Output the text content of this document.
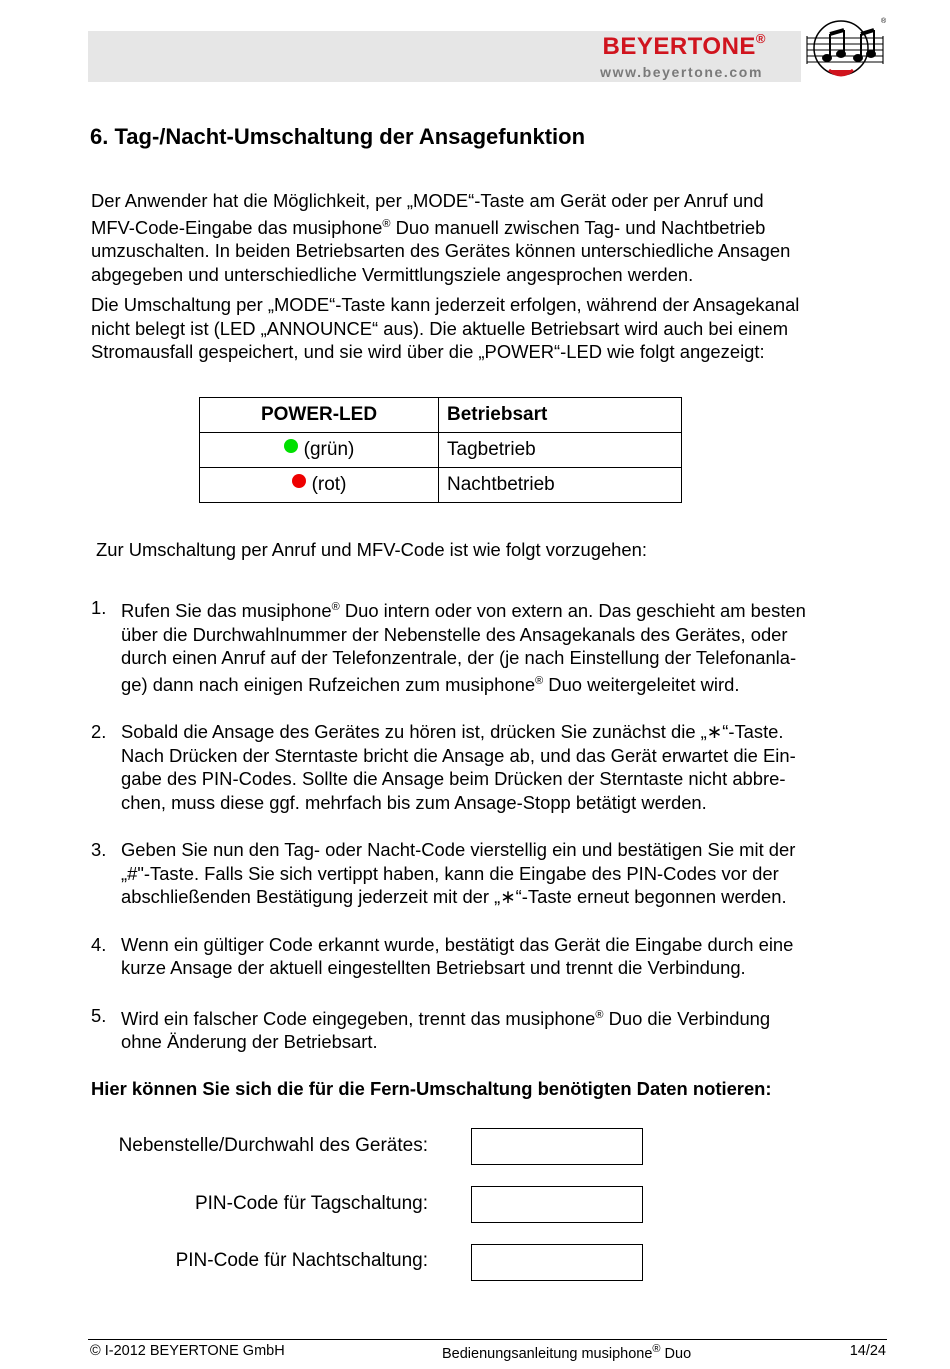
BEYERTONE®
www.beyertone.com
®
6. Tag-/Nacht-Umschaltung der Ansagefunktion
Der Anwender hat die Möglichkeit, per „MODE“-Taste am Gerät oder per Anruf und
MFV-Code-Eingabe das musiphone® Duo manuell zwischen Tag- und Nachtbetrieb
umzuschalten. In beiden Betriebsarten des Gerätes können unterschiedliche Ansagen
abgegeben und unterschiedliche Vermittlungsziele angesprochen werden.
Die Umschaltung per „MODE“-Taste kann jederzeit erfolgen, während der Ansagekanal
nicht belegt ist (LED „ANNOUNCE“ aus). Die aktuelle Betriebsart wird auch bei einem
Stromausfall gespeichert, und sie wird über die „POWER“-LED wie folgt angezeigt:
POWER-LED	Betriebsart
(grün)	Tagbetrieb
(rot)	Nachtbetrieb

Zur Umschaltung per Anruf und MFV-Code ist wie folgt vorzugehen:

1. Rufen Sie das musiphone® Duo intern oder von extern an. Das geschieht am besten
über die Durchwahlnummer der Nebenstelle des Ansagekanals des Gerätes, oder
durch einen Anruf auf der Telefonzentrale, der (je nach Einstellung der Telefonanla-
ge) dann nach einigen Rufzeichen zum musiphone® Duo weitergeleitet wird.
2. Sobald die Ansage des Gerätes zu hören ist, drücken Sie zunächst die „∗“-Taste.
Nach Drücken der Sterntaste bricht die Ansage ab, und das Gerät erwartet die Ein-
gabe des PIN-Codes. Sollte die Ansage beim Drücken der Sterntaste nicht abbre-
chen, muss diese ggf. mehrfach bis zum Ansage-Stopp betätigt werden.
3. Geben Sie nun den Tag- oder Nacht-Code vierstellig ein und bestätigen Sie mit der
„#"-Taste. Falls Sie sich vertippt haben, kann die Eingabe des PIN-Codes vor der
abschließenden Bestätigung jederzeit mit der „∗“-Taste erneut begonnen werden.
4. Wenn ein gültiger Code erkannt wurde, bestätigt das Gerät die Eingabe durch eine
kurze Ansage der aktuell eingestellten Betriebsart und trennt die Verbindung.
5. Wird ein falscher Code eingegeben, trennt das musiphone® Duo die Verbindung
ohne Änderung der Betriebsart.

Hier können Sie sich die für die Fern-Umschaltung benötigten Daten notieren:

Nebenstelle/Durchwahl des Gerätes:
PIN-Code für Tagschaltung:
PIN-Code für Nachtschaltung:
© I-2012 BEYERTONE GmbH	Bedienungsanleitung musiphone® Duo	14/24
